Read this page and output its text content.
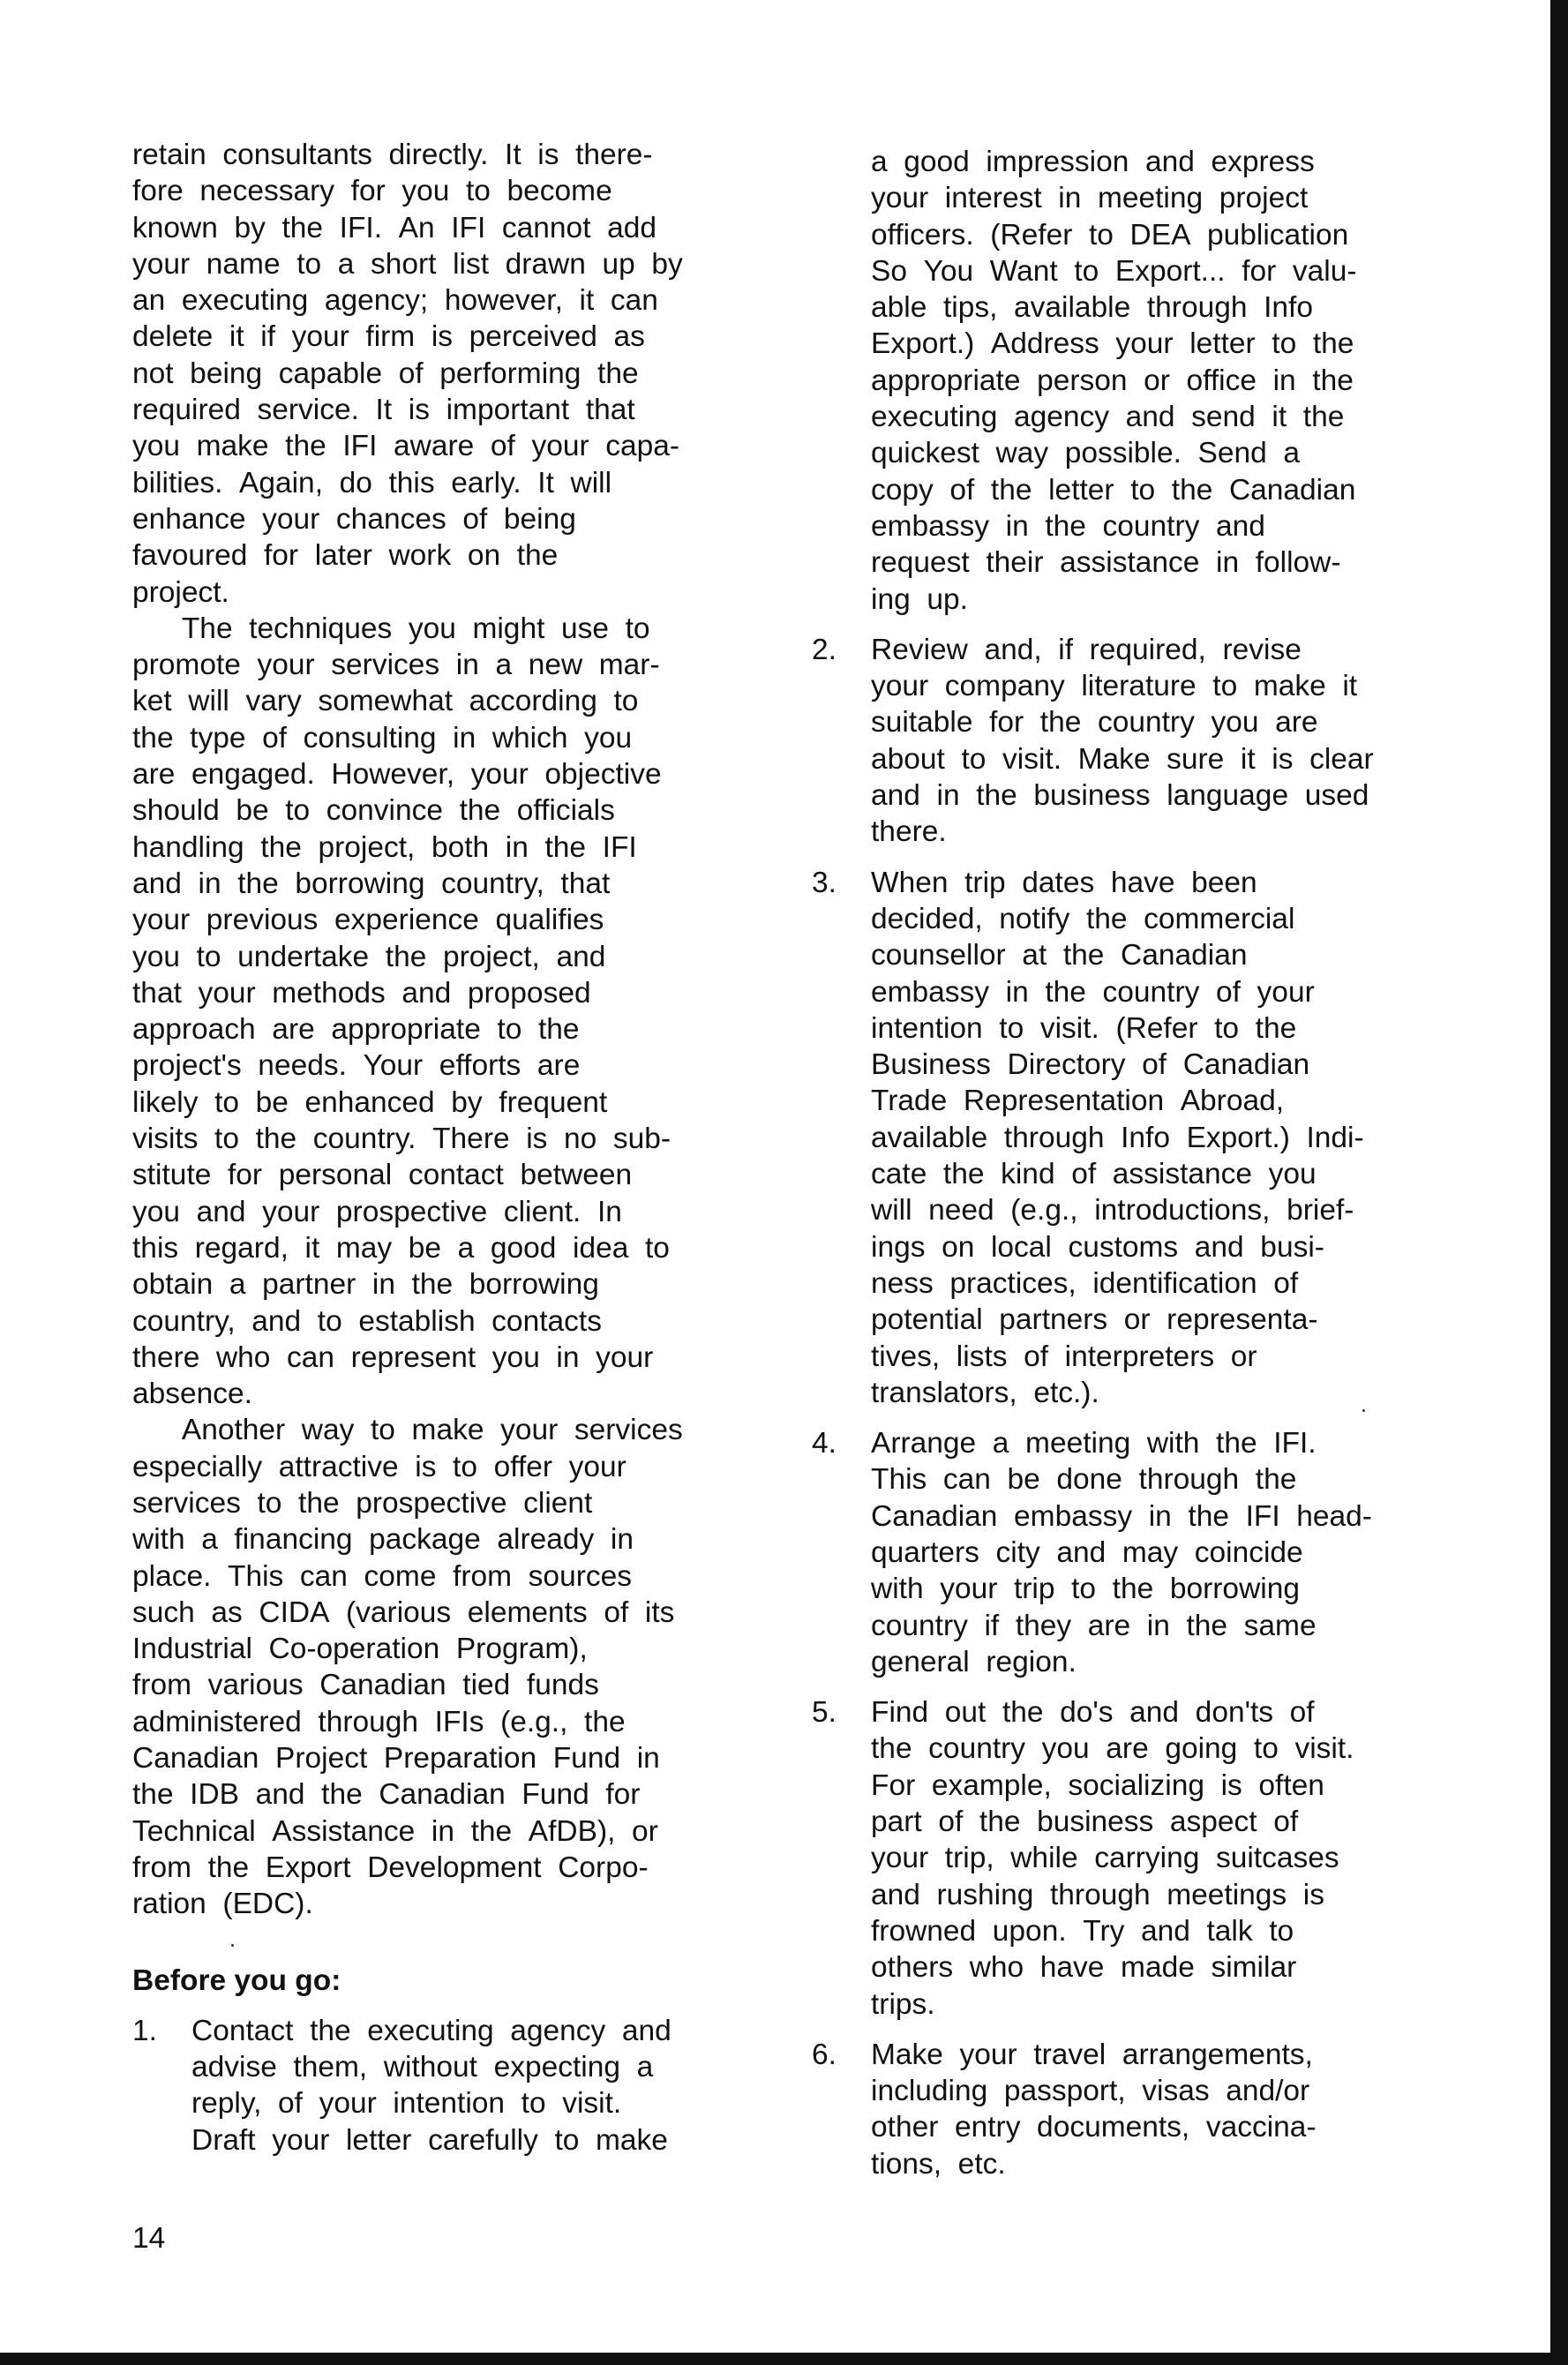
retain  consultants  directly.  It  is  there-
fore  necessary  for  you  to  become
known  by  the  IFI.  An  IFI  cannot  add
your  name  to  a  short  list  drawn  up  by
an  executing  agency;  however,  it  can
delete  it  if  your  firm  is  perceived  as
not  being  capable  of  performing  the
required  service.  It  is  important  that
you  make  the  IFI  aware  of  your  capa-
bilities.  Again,  do  this  early.  It  will
enhance  your  chances  of  being
favoured  for  later  work  on  the
project.
The  techniques  you  might  use  to
promote  your  services  in  a  new  mar-
ket  will  vary  somewhat  according  to
the  type  of  consulting  in  which  you
are  engaged.  However,  your  objective
should  be  to  convince  the  officials
handling  the  project,  both  in  the  IFI
and  in  the  borrowing  country,  that
your  previous  experience  qualifies
you  to  undertake  the  project,  and
that  your  methods  and  proposed
approach  are  appropriate  to  the
project's  needs.  Your  efforts  are
likely  to  be  enhanced  by  frequent
visits  to  the  country.  There  is  no  sub-
stitute  for  personal  contact  between
you  and  your  prospective  client.  In
this  regard,  it  may  be  a  good  idea  to
obtain  a  partner  in  the  borrowing
country,  and  to  establish  contacts
there  who  can  represent  you  in  your
absence.
Another  way  to  make  your  services
especially  attractive  is  to  offer  your
services  to  the  prospective  client
with  a  financing  package  already  in
place.  This  can  come  from  sources
such  as  CIDA  (various  elements  of  its
Industrial  Co-operation  Program),
from  various  Canadian  tied  funds
administered  through  IFIs  (e.g.,  the
Canadian  Project  Preparation  Fund  in
the  IDB  and  the  Canadian  Fund  for
Technical  Assistance  in  the  AfDB),  or
from  the  Export  Development  Corpo-
ration  (EDC).
Before you go:
1. Contact  the  executing  agency  and
advise  them,  without  expecting  a
reply,  of  your  intention  to  visit.
Draft  your  letter  carefully  to  make
a  good  impression  and  express
your  interest  in  meeting  project
officers.  (Refer  to  DEA  publication
So  You  Want  to  Export...  for  valu-
able  tips,  available  through  Info
Export.)  Address  your  letter  to  the
appropriate  person  or  office  in  the
executing  agency  and  send  it  the
quickest  way  possible.  Send  a
copy  of  the  letter  to  the  Canadian
embassy  in  the  country  and
request  their  assistance  in  follow-
ing  up.
2. Review  and,  if  required,  revise
your  company  literature  to  make  it
suitable  for  the  country  you  are
about  to  visit.  Make  sure  it  is  clear
and  in  the  business  language  used
there.
3. When  trip  dates  have  been
decided,  notify  the  commercial
counsellor  at  the  Canadian
embassy  in  the  country  of  your
intention  to  visit.  (Refer  to  the
Business  Directory  of  Canadian
Trade  Representation  Abroad,
available  through  Info  Export.)  Indi-
cate  the  kind  of  assistance  you
will  need  (e.g.,  introductions,  brief-
ings  on  local  customs  and  busi-
ness  practices,  identification  of
potential  partners  or  representa-
tives,  lists  of  interpreters  or
translators,  etc.).
4. Arrange  a  meeting  with  the  IFI.
This  can  be  done  through  the
Canadian  embassy  in  the  IFI  head-
quarters  city  and  may  coincide
with  your  trip  to  the  borrowing
country  if  they  are  in  the  same
general  region.
5. Find  out  the  do's  and  don'ts  of
the  country  you  are  going  to  visit.
For  example,  socializing  is  often
part  of  the  business  aspect  of
your  trip,  while  carrying  suitcases
and  rushing  through  meetings  is
frowned  upon.  Try  and  talk  to
others  who  have  made  similar
trips.
6. Make  your  travel  arrangements,
including  passport,  visas  and/or
other  entry  documents,  vaccina-
tions,  etc.
14
